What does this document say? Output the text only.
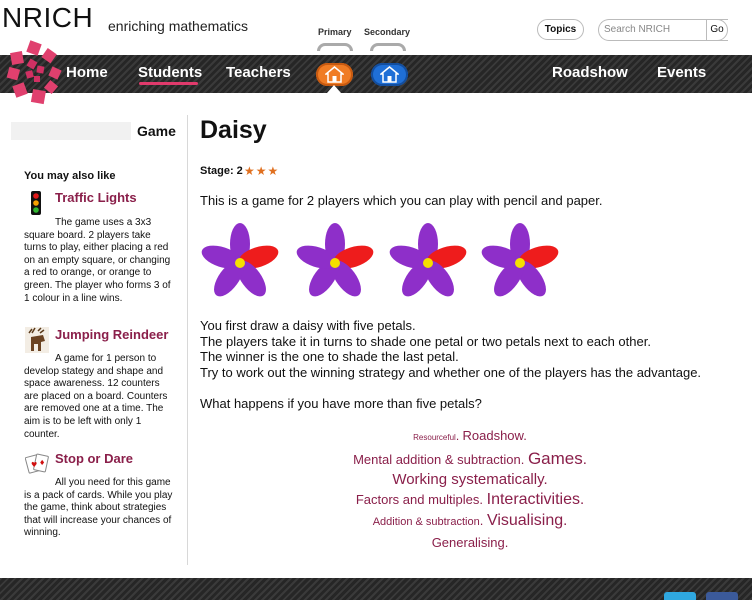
NRICH enriching mathematics	Topics	Search NRICH	Go
Primary Secondary
Home Students Teachers	Roadshow Events
Game
You may also like
Traffic Lights
The game uses a 3x3 square board. 2 players take turns to play, either placing a red on an empty square, or changing a red to orange, or orange to green. The player who forms 3 of 1 colour in a line wins.
Jumping Reindeer
A game for 1 person to develop stategy and shape and space awareness. 12 counters are placed on a board. Counters are removed one at a time. The aim is to be left with only 1 counter.
♥ ♦ Stop or Dare
All you need for this game is a pack of cards. While you play the game, think about strategies that will increase your chances of winning.
Daisy
Stage: 2 ★★★
This is a game for 2 players which you can play with pencil and paper.
You first draw a daisy with five petals.
The players take it in turns to shade one petal or two petals next to each other.
The winner is the one to shade the last petal.
Try to work out the winning strategy and whether one of the players has the advantage.
What happens if you have more than five petals?
Resourceful. Roadshow.
Mental addition & subtraction. Games.
Working systematically.
Factors and multiples. Interactivities.
Addition & subtraction. Visualising.
Generalising.
